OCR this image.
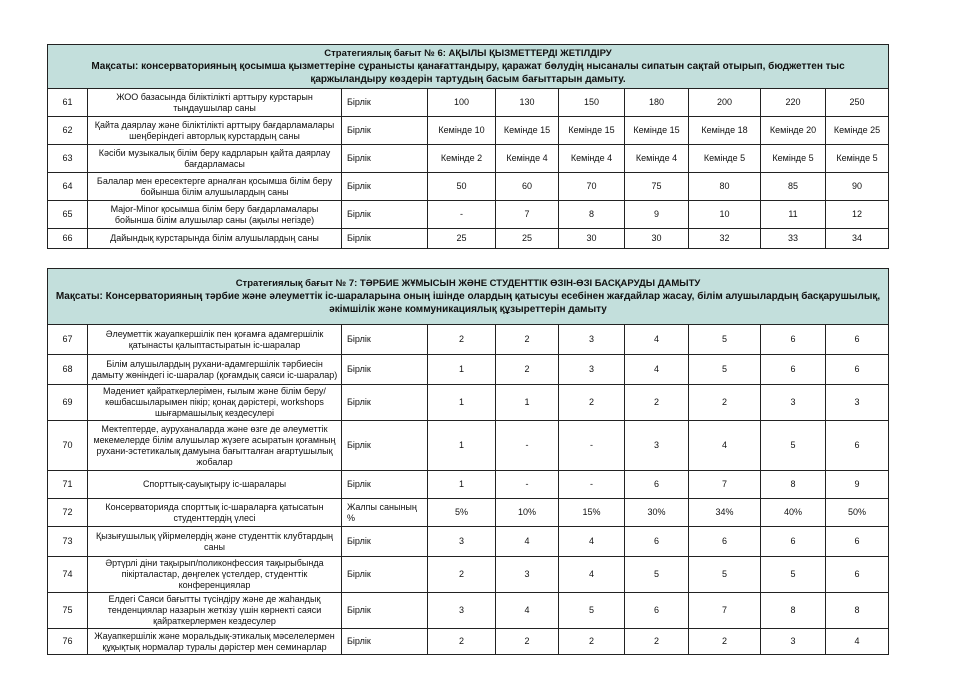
Стратегиялық бағыт № 6: АҚЫЛЫ ҚЫЗМЕТТЕРДІ ЖЕТІЛДІРУ
Мақсаты: консерваторияның қосымша қызметтеріне сұранысты қанағаттандыру, қаражат бөлудің нысаналы сипатын сақтай отырып, бюджеттен тыс қаржыландыру көздерін тартудың басым бағыттарын дамыту.									

61	ЖОО базасында біліктілікті арттыру курстарын тыңдаушылар саны	Бірлік	100	130	150	180	200	220	250
62	Қайта даярлау және біліктілікті арттыру бағдарламалары шеңберіндегі авторлық курстардың саны	Бірлік	Кемінде 10	Кемінде 15	Кемінде 15	Кемінде 15	Кемінде 18	Кемінде 20	Кемінде 25
63	Кәсіби музыкалық білім беру кадрларын қайта даярлау бағдарламасы	Бірлік	Кемінде 2	Кемінде 4	Кемінде 4	Кемінде 4	Кемінде 5	Кемінде 5	Кемінде 5
64	Балалар мен ересектерге арналған қосымша білім беру бойынша білім алушылардың саны	Бірлік	50	60	70	75	80	85	90
65	Major-Minor қосымша білім беру бағдарламалары бойынша білім алушылар саны (ақылы негізде)	Бірлік	-	7	8	9	10	11	12
66	Дайындық курстарында білім алушылардың саны	Бірлік	25	25	30	30	32	33	34
Стратегиялық бағыт № 7: ТӘРБИЕ ЖҰМЫСЫН ЖӘНЕ СТУДЕНТТІК ӨЗІН-ӨЗІ БАСҚАРУДЫ ДАМЫТУ
Мақсаты: Консерваторияның тәрбие және әлеуметтік іс-шараларына оның ішінде олардың қатысуы есебінен жағдайлар жасау, білім алушылардың басқарушылық, әкімшілік және коммуникациялық құзыреттерін дамыту									

67	Әлеуметтік жауапкершілік пен қоғамға адамгершілік қатынасты қалыптастыратын іс-шаралар	Бірлік	2	2	3	4	5	6	6
68	Білім алушылардың рухани-адамгершілік тәрбиесін дамыту жөніндегі іс-шаралар (қоғамдық саяси іс-шаралар)	Бірлік	1	2	3	4	5	6	6
69	Мәдениет қайраткерлерімен, ғылым және білім беру/көшбасшыларымен пікір; қонақ дәрістері, workshops шығармашылық кездесулері	Бірлік	1	1	2	2	2	3	3
70	Мектептерде, ауруханаларда және өзге де әлеуметтік мекемелерде білім алушылар жүзеге асыратын қоғамның рухани-эстетикалық дамуына бағытталған ағартушылық жобалар	Бірлік	1	-	-	3	4	5	6
71	Спорттық-сауықтыру іс-шаралары	Бірлік	1	-	-	6	7	8	9
72	Консерваторияда спорттық іс-шараларға қатысатын студенттердің үлесі	Жалпы санының %	5%	10%	15%	30%	34%	40%	50%
73	Қызығушылық үйірмелердің және студенттік клубтардың саны	Бірлік	3	4	4	6	6	6	6
74	Әртүрлі діни тақырып/поликонфессия тақырыбында пікірталастар, дөңгелек үстелдер, студенттік конференциялар	Бірлік	2	3	4	5	5	5	6
75	Елдегі Саяси бағытты түсіндіру және де жаһандық тенденциялар назарын жеткізу үшін көрнекті саяси қайраткерлермен кездесулер	Бірлік	3	4	5	6	7	8	8
76	Жауапкершілік және моральдық-этикалық мәселелермен құқықтық нормалар туралы дәрістер мен семинарлар	Бірлік	2	2	2	2	2	3	4
